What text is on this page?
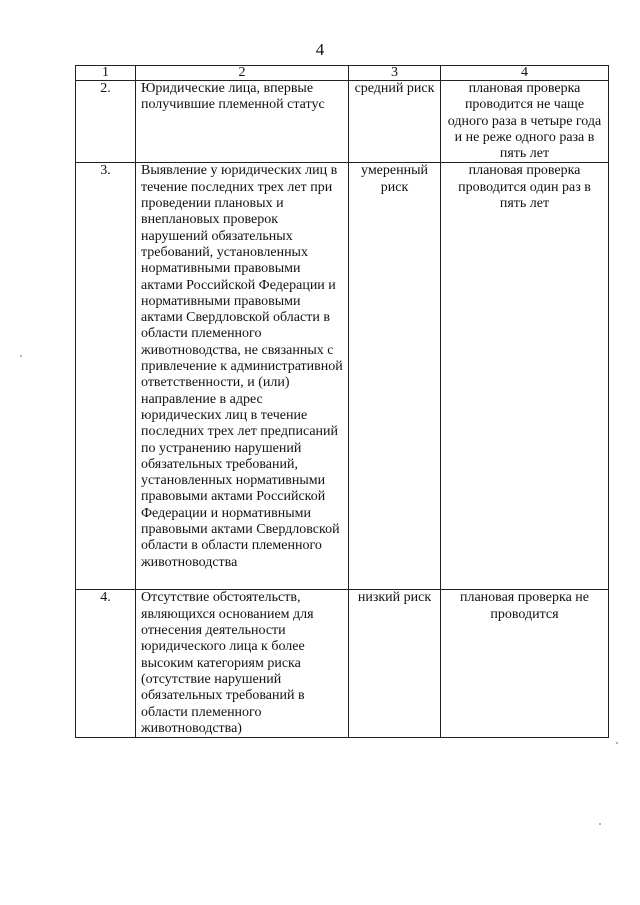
4
1	2	3	4
2.	Юридические лица, впервые получившие племенной статус	средний риск	плановая проверка проводится не чаще одного раза в четыре года и не реже одного раза в пять лет
3.	Выявление у юридических лиц в течение последних трех лет при проведении плановых и внеплановых проверок нарушений обязательных требований, установленных нормативными правовыми актами Российской Федерации и нормативными правовыми актами Свердловской области в области племенного животноводства, не связанных с привлечение к административной ответственности, и (или) направление в адрес юридических лиц в течение последних трех лет предписаний по устранению нарушений обязательных требований, установленных нормативными правовыми актами Российской Федерации и нормативными правовыми актами Свердловской области в области племенного животноводства	умеренный риск	плановая проверка проводится один раз в пять лет
4.	Отсутствие обстоятельств, являющихся основанием для отнесения деятельности юридического лица к более высоким категориям риска (отсутствие нарушений обязательных требований в области племенного животноводства)	низкий риск	плановая проверка не проводится
